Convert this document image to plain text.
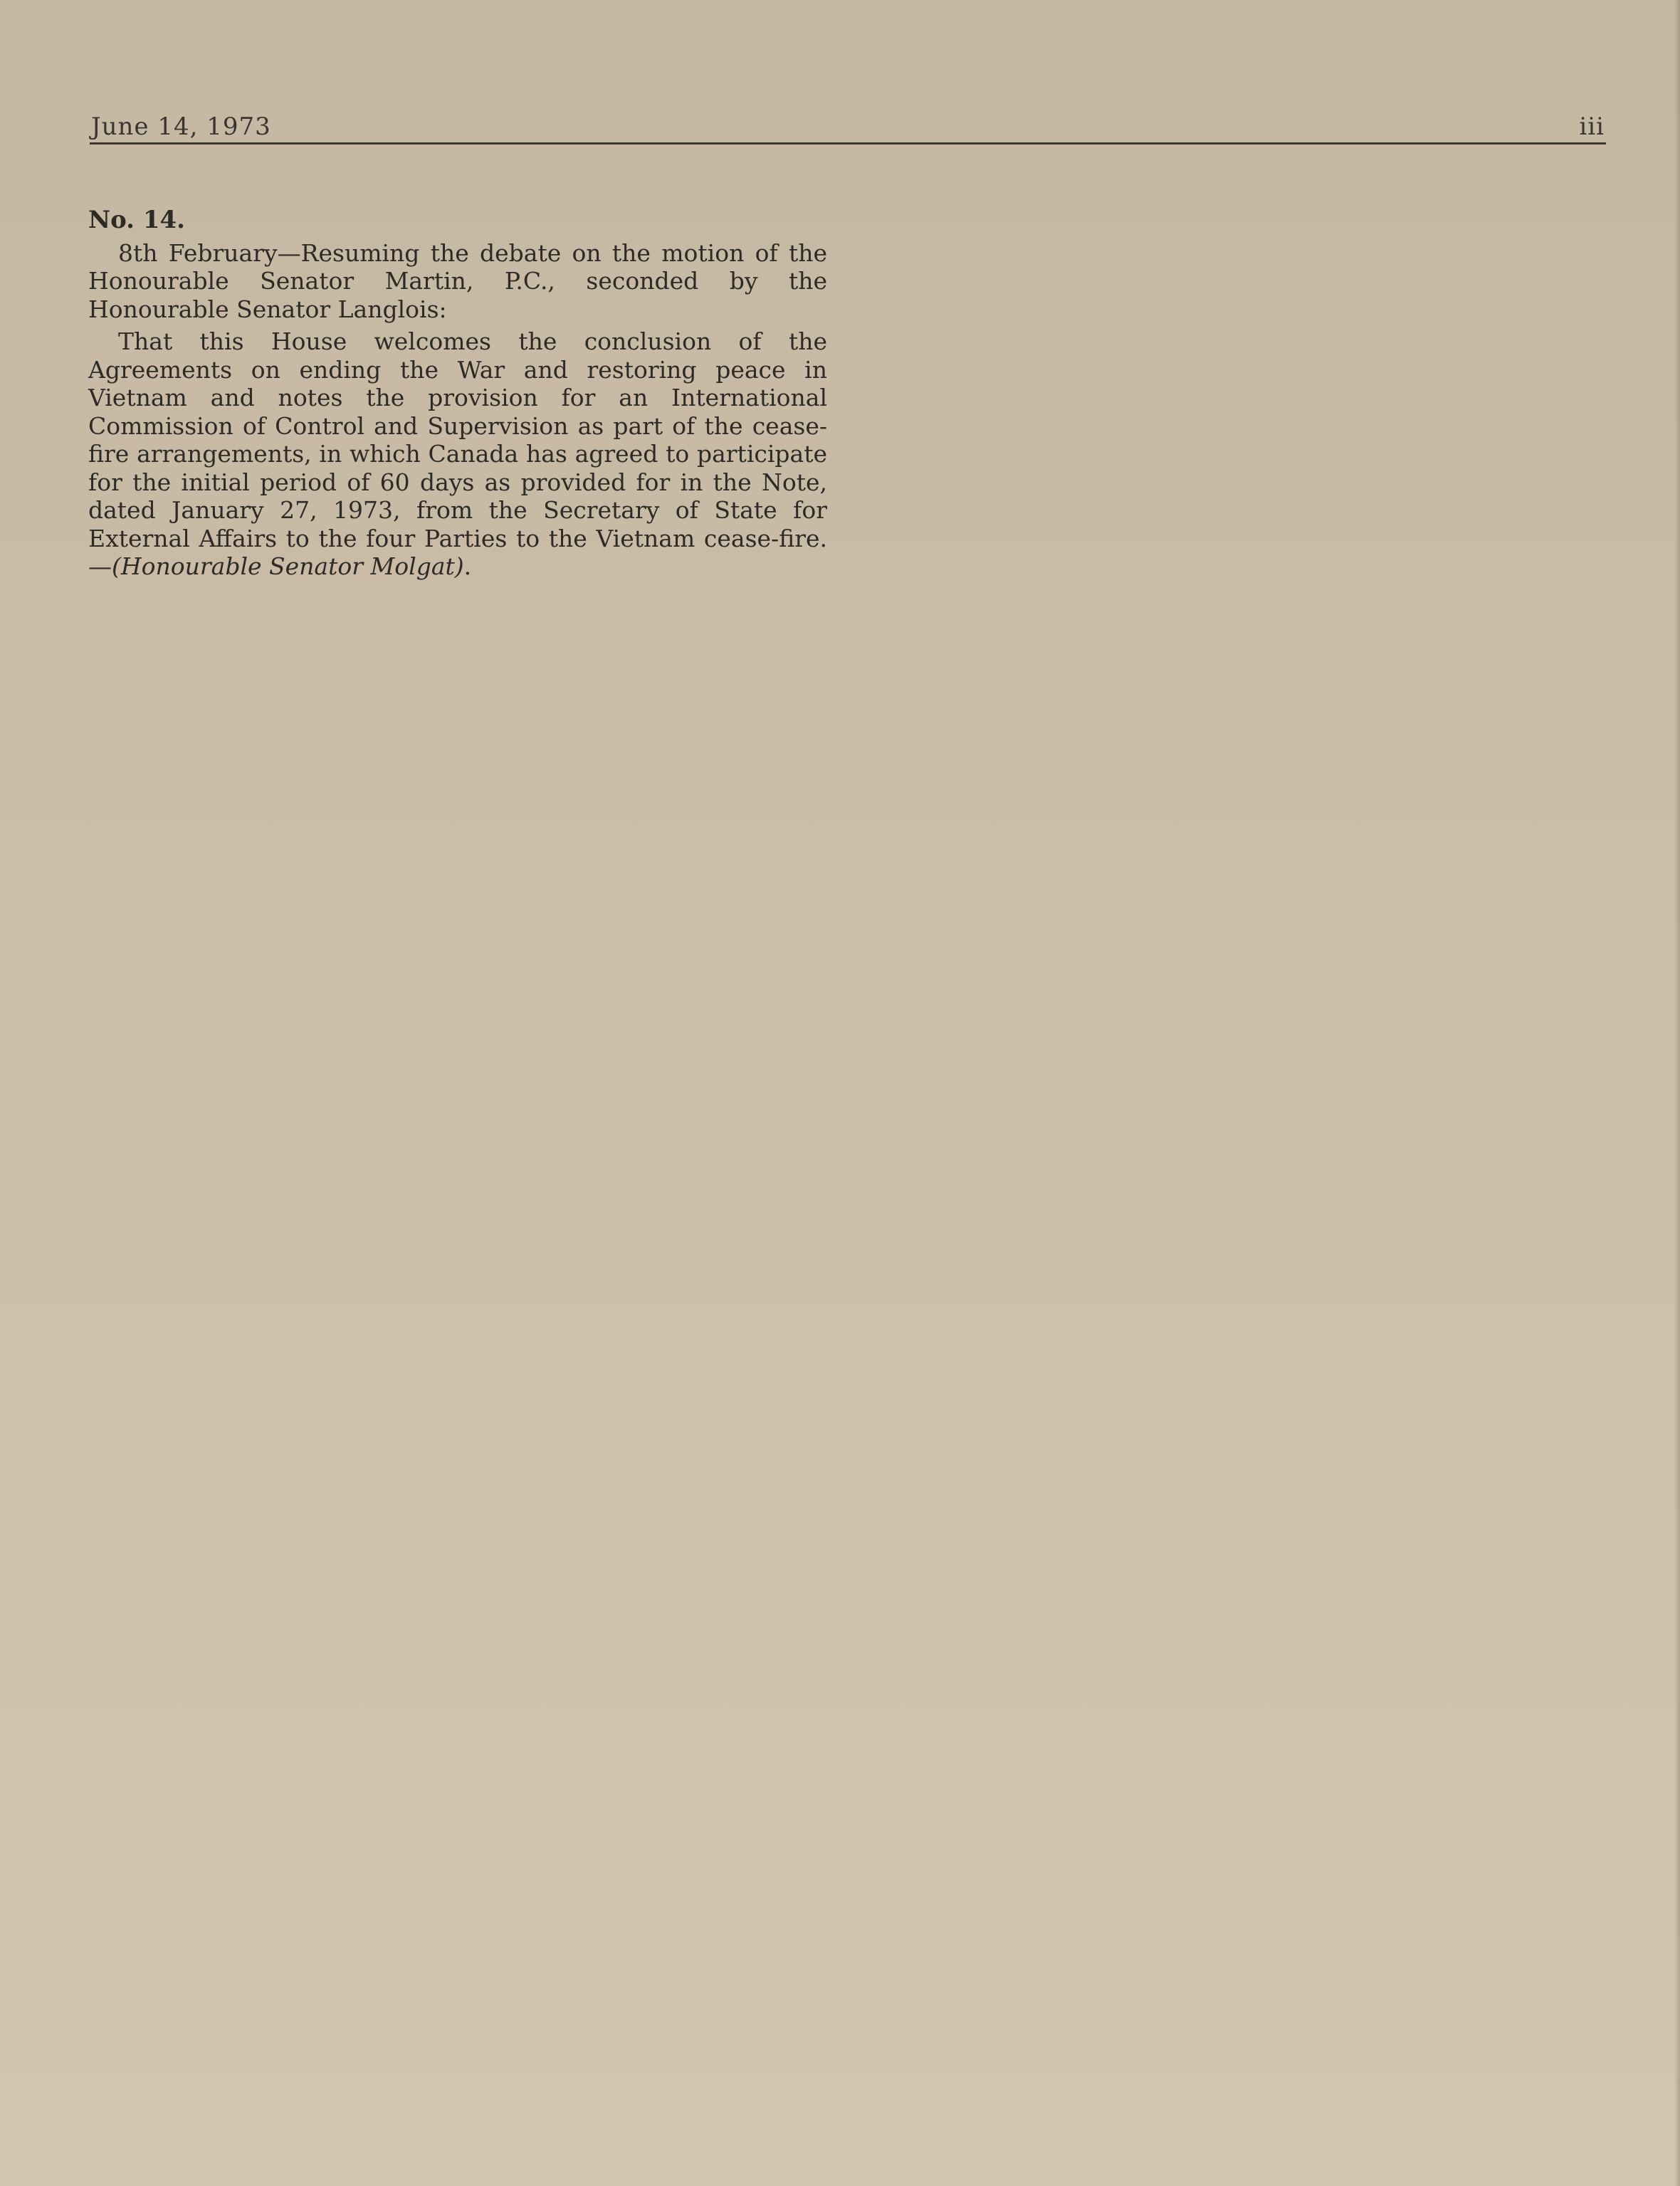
June 14, 1973	iii
No. 14.

8th February—Resuming the debate on the motion of the Honourable Senator Martin, P.C., seconded by the Honourable Senator Langlois:

That this House welcomes the conclusion of the Agreements on ending the War and restoring peace in Vietnam and notes the provision for an International Commission of Control and Supervision as part of the cease-fire arrangements, in which Canada has agreed to participate for the initial period of 60 days as provided for in the Note, dated January 27, 1973, from the Secretary of State for External Affairs to the four Parties to the Vietnam cease-fire.—(Honourable Senator Molgat).
